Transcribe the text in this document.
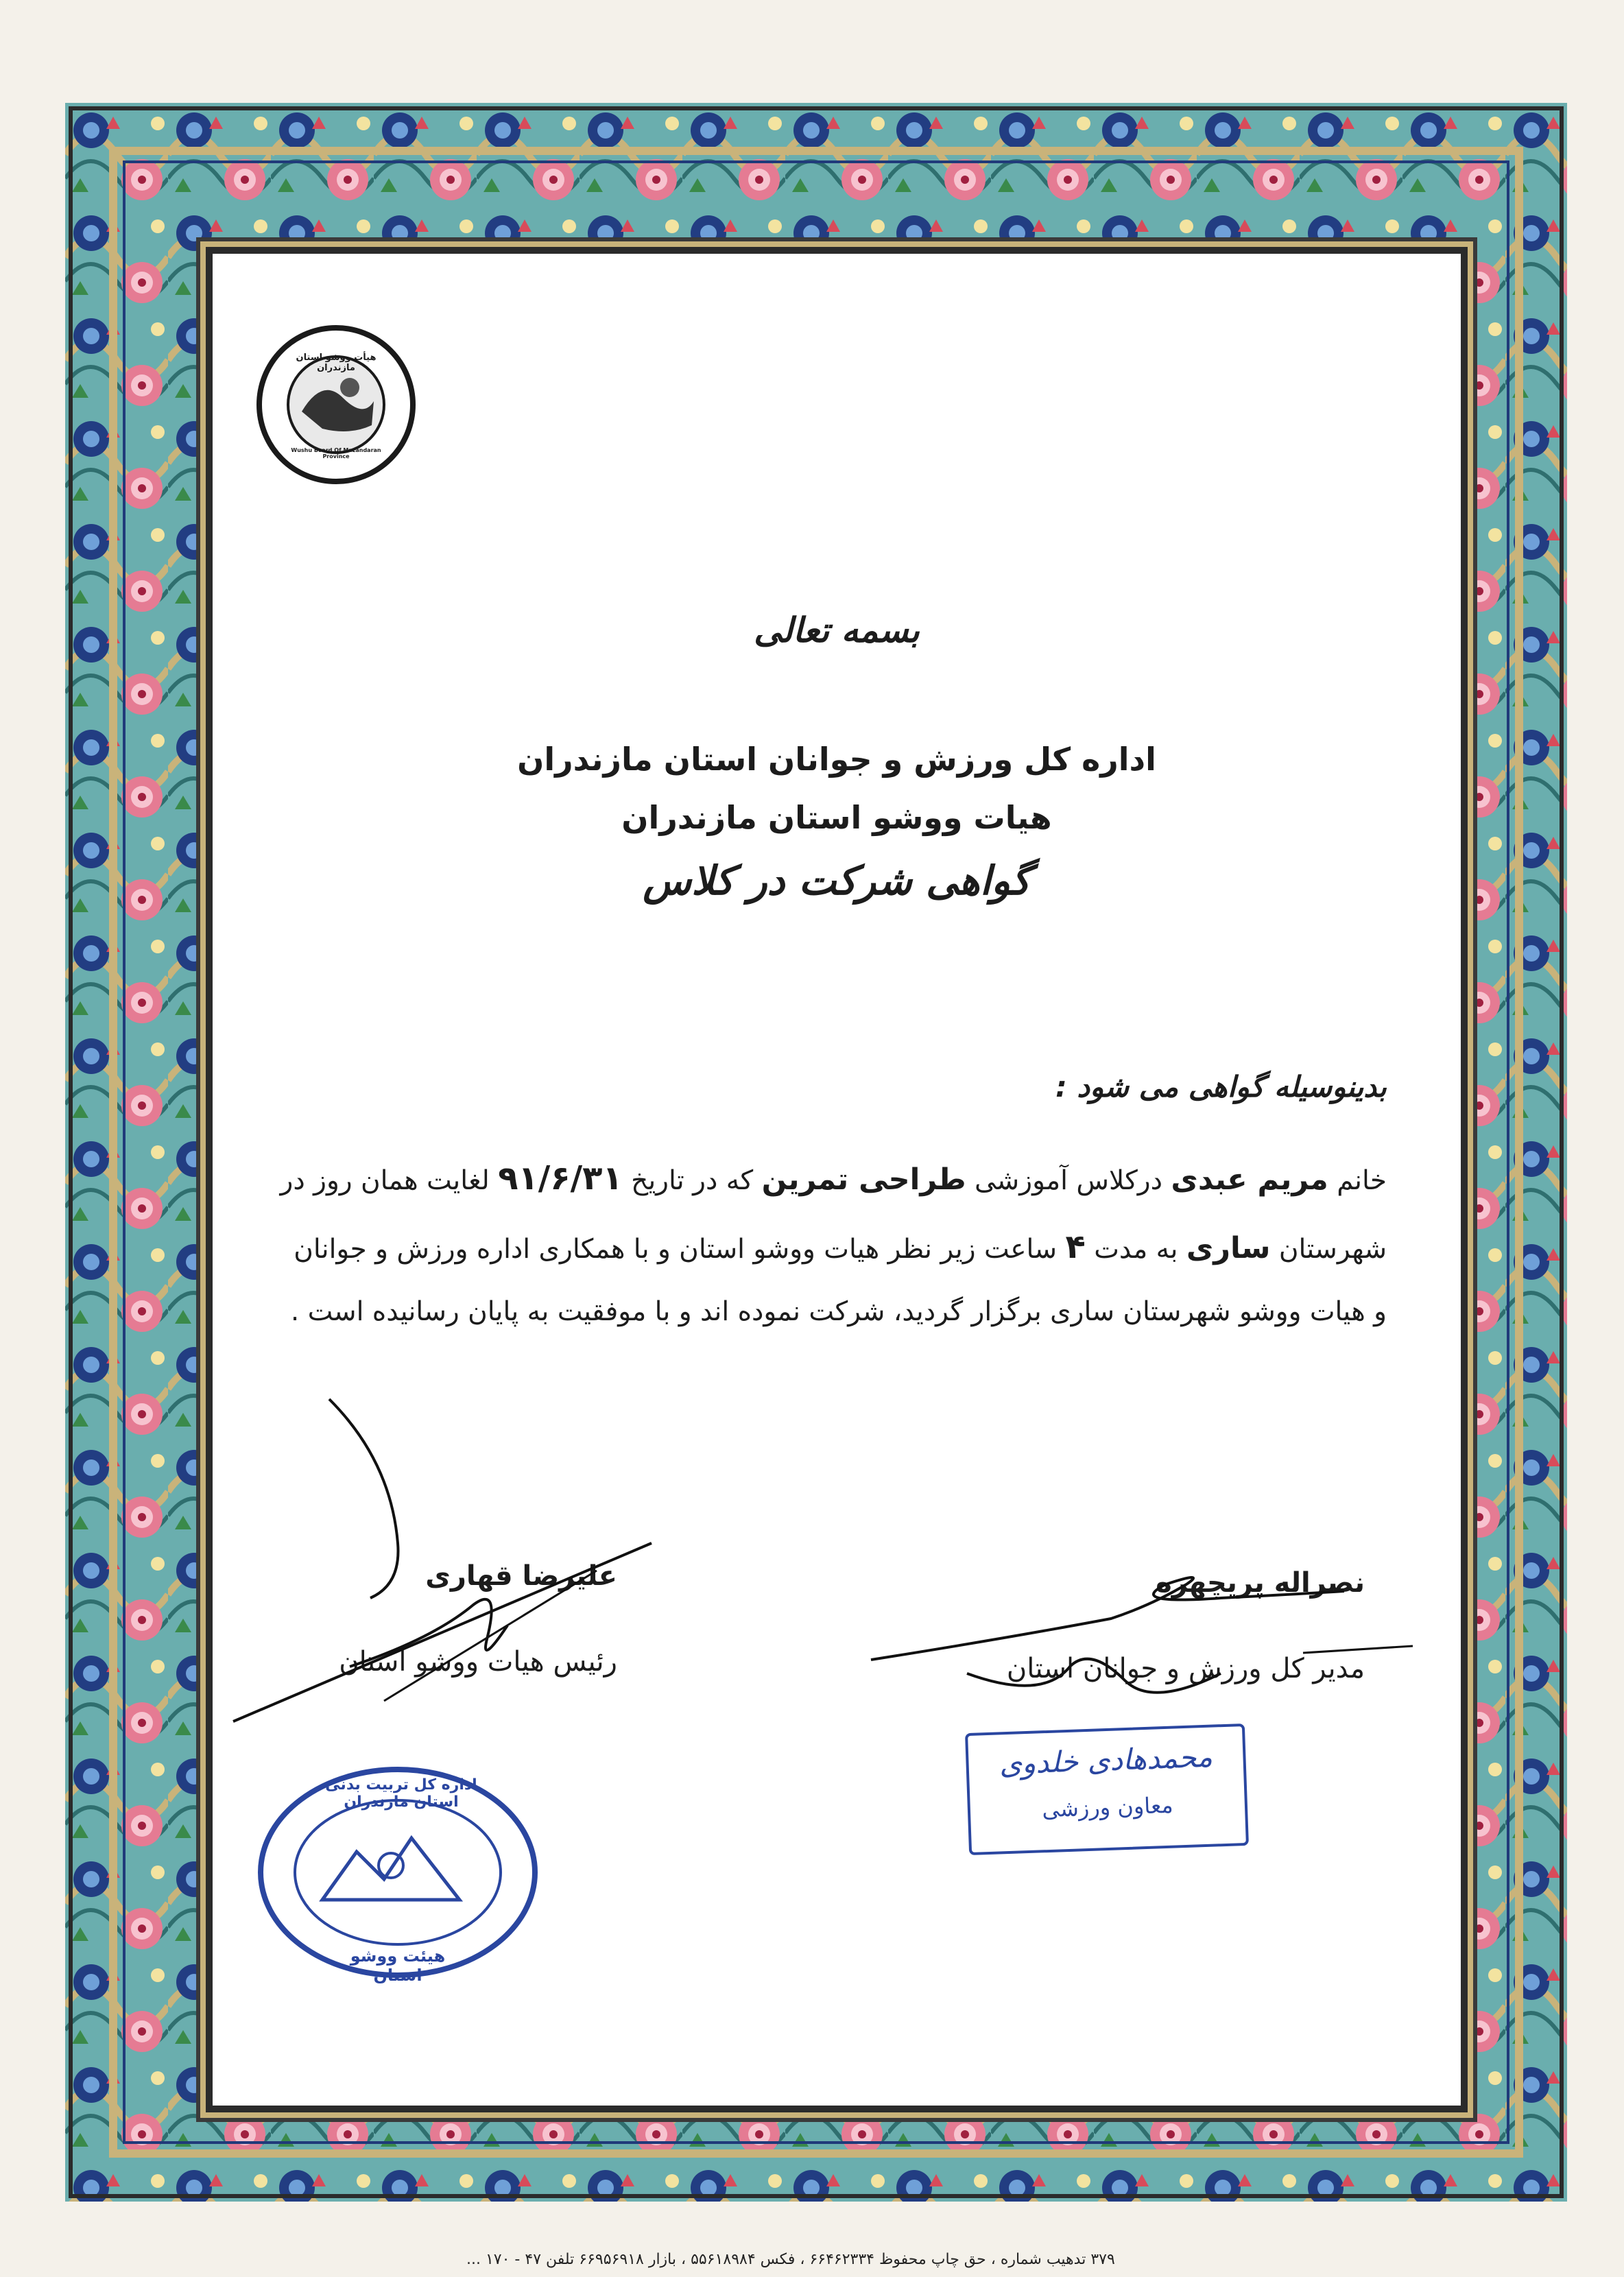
هیأت ووشو استان مازندران
Wushu Board Of Mazandaran Province
بسمه تعالی
اداره کل ورزش و جوانان استان مازندران
هیات ووشو استان مازندران
گواهی شرکت در کلاس
بدینوسیله گواهی می شود :
خانم مریم عبدی درکلاس آموزشی طراحی تمرین که در تاریخ ۹۱/۶/۳۱ لغایت همان روز در
شهرستان ساری به مدت ۴ ساعت زیر نظر هیات ووشو استان و با همکاری اداره ورزش و جوانان
و هیات ووشو شهرستان ساری برگزار گردید، شرکت نموده اند و با موفقیت به پایان رسانیده است .
علیرضا قهاری
رئیس هیات ووشو استان
نصراله پریچهره
مدیر کل ورزش و جوانان استان
اداره کل تربیت بدنی استان مازندران
هیئت ووشو استان
محمدهادی خلدوی
معاون ورزشی
۳۷۹ تدهیب شماره ، حق چاپ محفوظ ۶۶۴۶۲۳۳۴ ، فکس ۵۵۶۱۸۹۸۴ ، بازار ۶۶۹۵۶۹۱۸ تلفن ۴۷ - ۱۷۰ ...
